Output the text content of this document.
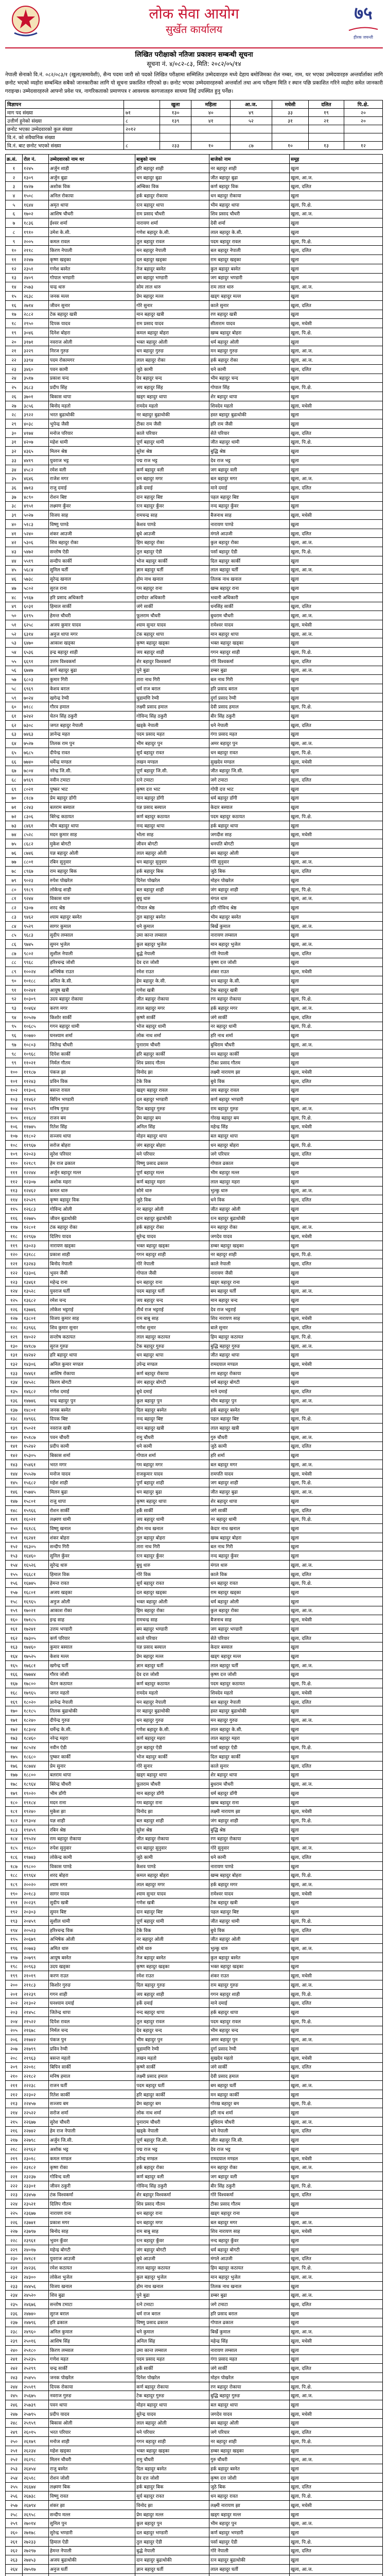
लोक सेवा आयोग
सुर्खेत कार्यालय
७५
हीरक जयन्ती
लिखित परीक्षाको नतिजा प्रकाशन सम्बन्धी सूचना
सूचना नं. ४/०८२-८३, मिति: २०८२/०५/१४
नेपाली सेनाको वि.नं. ०८२/०८३/१ (खुला/समावेशी), सैन्य पदमा जारी सो पदको लिखित परीक्षामा सम्मिलित उम्मेदवारहरु मध्ये देहाय बमोजिमका रोल नम्बर, नाम, थर भएका उम्मेदवारहरु अन्तर्वार्ताका लागि छनोट भएको व्यहोरा सम्बन्धित सबैको जानकारीका लागि यो सूचना प्रकाशित गरिएको छ। छनोट भएका उम्मेदवारहरुको अन्तर्वार्ता तथा अन्य परीक्षण मिति र स्थान पछि प्रकाशित गरिने व्यहोरा समेत जानकारी गराइन्छ। उम्मेदवारहरुले आफ्नो प्रवेश पत्र, नागरिकताको प्रमाणपत्र र आवश्यक कागजातहरु साथमा लिई उपस्थित हुनु पर्नेछ।
विज्ञापन		खुला	महिला	आ.ज.	मधेसी	दलित	पि.क्षे.
माग पद संख्या	७१	१३०	४०	४९	३३	१९	२०
उत्तीर्ण हुनेको संख्या	८	१३९	४१	५२	३१	२१	२०
छनोट भएका उम्मेदवारको कुल संख्या	२०१२						
वि.नं. को संवैधानिक संख्या							
वि.नं. बाट छनोट भएको संख्या	८	२३३	१०	८७	१०	१३	१२
क्र.सं.	रोल नं.	उम्मेदवारको नाम थर	बाबुको नाम	बाजेको नाम	समूह
१	१२४५	अर्जुन शाही	हरि बहादुर शाही	नर बहादुर शाही	खुला
२	१३०९	अर्जुन बुढा	धन बहादुर बुढा	जीत बहादुर बुढा	खुला, आ.ज.
३	१४२७	अशोक विक	अम्बिका विक	कर्ण बहादुर विक	खुला, दलित
४	१५०८	अनिल रोकाया	हर्क बहादुर रोकाया	धन बहादुर रोकाया	खुला
५	१६४४	अमृत थापा	रत्न बहादुर थापा	भीम बहादुर थापा	खुला, पि.क्षे.
६	१७०२	आशिष चौधरी	राम प्रसाद चौधरी	शिव प्रसाद चौधरी	खुला, आ.ज.
७	१८३६	ईश्वर शर्मा	नारायण शर्मा	देवी शर्मा	खुला
८	१९१०	उमेश के.सी.	गणेश बहादुर के.सी.	लाल बहादुर के.सी.	खुला
९	२००५	कमल रावल	तुल बहादुर रावल	पदम बहादुर रावल	खुला, पि.क्षे.
१०	२११८	किरण नेपाली	मन बहादुर नेपाली	बल बहादुर नेपाली	खुला, दलित
११	२२४७	कृष्ण खड्का	दल बहादुर खड्का	राम बहादुर खड्का	खुला
१२	२३५१	गणेश बस्नेत	तेज बहादुर बस्नेत	कुल बहादुर बस्नेत	खुला
१३	२४०९	गोपाल भण्डारी	बम बहादुर भण्डारी	जग बहादुर भण्डारी	खुला
१४	२५७३	चन्द्र थारु	सोम लाल थारु	राम लाल थारु	खुला, आ.ज.
१५	२६३८	जनक मल्ल	प्रेम बहादुर मल्ल	खड्ग बहादुर मल्ल	खुला
१६	२७१४	जीवन सुनार	गोरे सुनार	काले सुनार	खुला, दलित
१७	२८८२	टेक बहादुर खत्री	मान बहादुर खत्री	रण बहादुर खत्री	खुला
१८	२९५०	दिपक यादव	राम प्रसाद यादव	सीताराम यादव	खुला, मधेसी
१९	३०४६	दिनेश बोहरा	कमल बहादुर बोहरा	खम्ब बहादुर बोहरा	खुला, पि.क्षे.
२०	३१७१	नवराज ओली	भक्त बहादुर ओली	धर्म बहादुर ओली	खुला
२१	३२२९	निरज गुरुङ	धन बहादुर गुरुङ	मन बहादुर गुरुङ	खुला, आ.ज.
२२	३३९४	पदम रोकामगर	लाल बहादुर रोका	हर्क बहादुर रोका	खुला, आ.ज.
२३	३४६०	पवन कामी	जुठे कामी	धने कामी	खुला, दलित
२४	३५१७	प्रकाश चन्द	देव बहादुर चन्द	भीम बहादुर चन्द	खुला
२५	३६८३	प्रदीप सिंह	जय बहादुर सिंह	गोपाल सिंह	खुला, पि.क्षे.
२६	३७०१	बिकास थापा	खड्ग बहादुर थापा	शेर बहादुर थापा	खुला
२७	३८५६	बिनोद महतो	रामदेव महतो	शिवदेव महतो	खुला, मधेसी
२८	३९२२	भरत बुढाथोकी	नर बहादुर बुढाथोकी	हस्त बहादुर बुढाथोकी	खुला
२९	४०३८	भुपेन्द्र जैसी	टीका राम जैसी	हरि राम जैसी	खुला
३०	४१७४	मनोज परियार	काले परियार	सेते परियार	खुला, दलित
३१	४२०७	महेश धामी	पूर्ण बहादुर धामी	जीत बहादुर धामी	खुला, पि.क्षे.
३२	४३६५	मिलन श्रेष्ठ	सुरेश श्रेष्ठ	बुद्धि श्रेष्ठ	खुला
३३	४४१९	युवराज भट्ट	पद्म राज भट्ट	देव राज भट्ट	खुला
३४	४५८२	रमेश वली	कर्ण बहादुर वली	जग बहादुर वली	खुला
३५	४६४६	राजेश मगर	धन बहादुर मगर	बल बहादुर मगर	खुला, आ.ज.
३६	४७१३	राजु दमाई	हर्के दमाई	माने दमाई	खुला, दलित
३७	४८९०	रोशन बिष्ट	दान बहादुर बिष्ट	पहल बहादुर बिष्ट	खुला
३८	४९५१	लक्ष्मण कुँवर	रत्न बहादुर कुँवर	नन्द बहादुर कुँवर	खुला
३९	५०२७	विजय साह	रामचन्द्र साह	बैजनाथ साह	खुला, मधेसी
४०	५१८३	विष्णु पाण्डे	केशव पाण्डे	नारायण पाण्डे	खुला
४१	५२४०	शंकर आउजी	बुधे आउजी	मंगले आउजी	खुला, दलित
४२	५३०६	शिव बहादुर रोका	हिम बहादुर रोका	कुल बहादुर रोका	खुला, आ.ज.
४३	५४७२	सन्तोष ऐडी	तुल बहादुर ऐडी	पर्सा बहादुर ऐडी	खुला, पि.क्षे.
४४	५५१९	सन्दीप कार्की	भोज बहादुर कार्की	दिल बहादुर कार्की	खुला
४५	५६८४	सुनिल घर्ती	ज्ञान बहादुर घर्ती	लाल बहादुर घर्ती	खुला, आ.ज.
४६	५७३८	सुरेन्द्र खनाल	होम नाथ खनाल	तिलक नाथ खनाल	खुला
४७	५८०२	सुरज राना	गम बहादुर राना	खम्ब बहादुर राना	खुला
४८	५९६७	हरि प्रसाद अधिकारी	दामोदर अधिकारी	भवानी अधिकारी	खुला
४९	६०३१	हिमाल सार्की	जंगे सार्की	धनसिंह सार्की	खुला, दलित
५०	६१९५	हेमन्त चौधरी	फूलराम चौधरी	बुधराम चौधरी	खुला, आ.ज.
५१	६२५८	अजय कुमार यादव	श्याम सुन्दर यादव	रामेश्वर यादव	खुला, मधेसी
५२	६३१४	अनुज थापा मगर	टंक बहादुर थापा	मान बहादुर थापा	खुला, आ.ज.
५३	६४७०	आकाश खड्का	कृष्ण बहादुर खड्का	भक्त बहादुर खड्का	खुला
५४	६५३६	इन्द्र बहादुर शाही	जय बहादुर शाही	गगन बहादुर शाही	खुला, पि.क्षे.
५५	६६९१	उत्तम विश्वकर्मा	शेर बहादुर विश्वकर्मा	गोरे विश्वकर्मा	खुला, दलित
५६	६७४७	कर्ण बहादुर बुढा	पुने बुढा	डम्बर बुढा	खुला, आ.ज.
५७	६८०३	कुमार गिरी	तारा नाथ गिरी	बल नाथ गिरी	खुला
५८	६९६९	केशव बराल	धर्म राज बराल	हरि प्रसाद बराल	खुला
५९	७०२४	खगेन्द्र रेग्मी	चुडामणि रेग्मी	दुर्गा प्रसाद रेग्मी	खुला
६०	७१८८	गौरव हमाल	लक्ष्मी प्रसाद हमाल	देवी प्रसाद हमाल	खुला, पि.क्षे.
६१	७२४२	चेतन सिंह ठकुरी	गोविन्द सिंह ठकुरी	बीर सिंह ठकुरी	खुला
६२	७३०८	जगत बहादुर नेपाली	खड्के नेपाली	धने नेपाली	खुला, दलित
६३	७४६३	ज्ञानेन्द्र महत	पदम प्रसाद महत	गंगा प्रसाद महत	खुला
६४	७५२७	तिलक राम पुन	भीम बहादुर पुन	अमर बहादुर पुन	खुला, आ.ज.
६५	७६८५	दीपेन्द्र रावत	सुर्य बहादुर रावत	धन बहादुर रावत	खुला, पि.क्षे.
६६	७७४०	धर्मेन्द्र मण्डल	लखन मण्डल	सुखदेव मण्डल	खुला, मधेसी
६७	७८०४	नरेन्द्र जि.सी.	पूर्ण बहादुर जि.सी.	जीत बहादुर जि.सी.	खुला
६८	७९६९	नवीन टमाटा	रत्ने टमाटा	जगे टमाटा	खुला, दलित
६९	८०२१	पुष्कर भाट	कृष्ण दत्त भाट	गोपी दत्त भाट	खुला
७०	८१८७	प्रेम बहादुर डाँगी	मान बहादुर डाँगी	धर्म बहादुर डाँगी	खुला
७१	८२४३	बलराम बस्याल	यज्ञ प्रसाद बस्याल	केदार बस्याल	खुला
७२	८३०६	बिरेन्द्र कठायत	कर्ण बहादुर कठायत	पदम बहादुर कठायत	खुला, पि.क्षे.
७३	८४६१	भीम बहादुर थापा	नन्द बहादुर थापा	हर्क बहादुर थापा	खुला
७४	८५२८	मदन कुमार साह	भोला साह	जगदीश साह	खुला, मधेसी
७५	८६८२	मुकेश बोगटी	जीवन बोगटी	धनपति बोगटी	खुला
७६	८७४६	यज्ञ बहादुर ओली	लाल बहादुर ओली	बम बहादुर ओली	खुला
७७	८८०१	रबिन सुनुवार	धन बहादुर सुनुवार	गोरे सुनुवार	खुला, आ.ज.
७८	८९६७	राम बहादुर बिक	हर्क बहादुर बिक	जुठे बिक	खुला, दलित
७९	९०२३	रुपेश पोखरेल	दिनेश पोखरेल	मोहन पोखरेल	खुला
८०	९१८९	लोकेन्द्र शाही	बल बहादुर शाही	जंग बहादुर शाही	खुला, पि.क्षे.
८१	९२४४	विकास थारु	बुधु थारु	मंगल थारु	खुला, आ.ज.
८२	९३०७	शरद श्रेष्ठ	गोपाल श्रेष्ठ	हरि गोविन्द श्रेष्ठ	खुला
८३	९४६२	श्याम बहादुर बस्नेत	तुल बहादुर बस्नेत	भीम बहादुर बस्नेत	खुला
८४	९५२९	सागर कुमाल	धने कुमाल	बिर्खे कुमाल	खुला, आ.ज.
८५	९६८३	सुदीप लम्साल	उमा कान्त लम्साल	नारायण लम्साल	खुला
८६	९७४५	सुमन भुजेल	कुल बहादुर भुजेल	मान बहादुर भुजेल	खुला, आ.ज.
८७	९८०२	सुशील नेपाली	बुद्धे नेपाली	गोरे नेपाली	खुला, दलित
८८	९९६८	हरिश्चन्द्र जोशी	देव दत्त जोशी	कृष्ण दत्त जोशी	खुला
८९	१००२४	अभिषेक राउत	रमेश राउत	शंकर राउत	खुला, मधेसी
९०	१०१८८	अमित के.सी.	हेम बहादुर के.सी.	धन बहादुर के.सी.	खुला
९१	१०२४१	आयुष खत्री	गणेश खत्री	टेक बहादुर खत्री	खुला
९२	१०३०९	उदय बहादुर रोकाया	जीत बहादुर रोकाया	रण बहादुर रोकाया	खुला, पि.क्षे.
९३	१०४६४	करण मगर	लाल बहादुर मगर	हर्क बहादुर मगर	खुला, आ.ज.
९४	१०५२७	किशोर सार्की	कृष्णे सार्की	जंगे सार्की	खुला, दलित
९५	१०६८५	गगन बहादुर धामी	भोज बहादुर धामी	नर बहादुर धामी	खुला, पि.क्षे.
९६	१०७४०	घनश्याम शर्मा	लोक नाथ शर्मा	हरि नाथ शर्मा	खुला
९७	१०८०३	जितेन्द्र चौधरी	पुनाराम चौधरी	बुधिराम चौधरी	खुला, आ.ज.
९८	१०९६८	दिपेश कार्की	हरि बहादुर कार्की	मन बहादुर कार्की	खुला
९९	११०२१	निर्मल गौतम	शिव प्रसाद गौतम	टीका प्रसाद गौतम	खुला
१००	१११८७	पंकज झा	विनोद झा	लक्ष्मी नारायण झा	खुला, मधेसी
१०१	११२४३	प्रविन विक	टेके विक	बुधे विक	खुला, दलित
१०२	११३०६	बसन्त रावल	खड्ग बहादुर रावल	जय बहादुर रावल	खुला
१०३	११४६२	बिपिन भण्डारी	दल बहादुर भण्डारी	कर्ण बहादुर भण्डारी	खुला
१०४	११५२९	मनिष गुरुङ	दिल बहादुर गुरुङ	राम बहादुर गुरुङ	खुला, आ.ज.
१०५	११६८४	राजन बम	प्रेम बहादुर बम	गोरख बहादुर बम	खुला, पि.क्षे.
१०६	११७४५	रितेश सिंह	अनिल सिंह	महेन्द्र सिंह	खुला, मधेसी
१०७	११८०२	सञ्जय थापा	मोहन बहादुर थापा	बल बहादुर थापा	खुला
१०८	११९६७	सरोज बोहरा	जंग बहादुर बोहरा	धन बहादुर बोहरा	खुला, पि.क्षे.
१०९	१२०२३	सुरेश परियार	मने परियार	जगे परियार	खुला, दलित
११०	१२१८९	हेम राज ढकाल	विष्णु प्रसाद ढकाल	गोपाल ढकाल	खुला
१११	१२२४४	अर्जुन बहादुर मल्ल	पूर्ण बहादुर मल्ल	भीम बहादुर मल्ल	खुला
११२	१२३०७	अशोक महरा	कर्ण बहादुर महरा	लाल बहादुर महरा	खुला
११३	१२४६२	कमल थारु	सोमे थारु	भुल्कु थारु	खुला, आ.ज.
११४	१२५२९	कृष्ण बहादुर विक	जुठे विक	धने विक	खुला, दलित
११५	१२६८३	गोविन्द ओली	नर बहादुर ओली	जीत बहादुर ओली	खुला
११६	१२७४५	जीवन बुढाथोकी	दान बहादुर बुढाथोकी	रत्न बहादुर बुढाथोकी	खुला
११७	१२८०१	टंक बहादुर रोका	हर्क बहादुर रोका	मन बहादुर रोका	खुला, आ.ज.
११८	१२९६७	दिलिप यादव	सुरेन्द्र यादव	जगदेव यादव	खुला, मधेसी
११९	१३०२३	नारायण खड्का	भक्त बहादुर खड्का	डम्बर बहादुर खड्का	खुला
१२०	१३१८८	प्रकाश शाही	गगन बहादुर शाही	नर बहादुर शाही	खुला, पि.क्षे.
१२१	१३२४३	बिनोद नेपाली	गोरे नेपाली	काले नेपाली	खुला, दलित
१२२	१३३०६	भुवन जैसी	गोपाल जैसी	नारायण जैसी	खुला
१२३	१३४६१	महेन्द्र राना	धन बहादुर राना	खड्ग बहादुर राना	खुला
१२४	१३५२८	युवराज घर्ती	पदम बहादुर घर्ती	बम बहादुर घर्ती	खुला, आ.ज.
१२५	१३६८२	रमेश चन्द	जय बहादुर चन्द	मान बहादुर चन्द	खुला
१२६	१३७४६	लोकेश भट्टराई	तीर्थ राज भट्टराई	देव राज भट्टराई	खुला
१२७	१३८०१	विजय कुमार साह	राम बाबु साह	शिव नारायण साह	खुला, मधेसी
१२८	१३९६६	शिव कुमार सुनार	गणेश सुनार	बाले सुनार	खुला, दलित
१२९	१४०२२	सन्तोष कठायत	लाल बहादुर कठायत	हिम बहादुर कठायत	खुला, पि.क्षे.
१३०	१४१८७	सुरज गुरुङ	टेक बहादुर गुरुङ	बुद्धि बहादुर गुरुङ	खुला, आ.ज.
१३१	१४२४२	हरि बहादुर थापा	धन बहादुर थापा	जीत बहादुर थापा	खुला
१३२	१४३०६	अनिल कुमार मण्डल	उपेन्द्र मण्डल	रामदयाल मण्डल	खुला, मधेसी
१३३	१४४६१	आशिष रोकाया	कर्ण बहादुर रोकाया	रण बहादुर रोकाया	खुला
१३४	१४५२८	किरण बोगटी	जंग बहादुर बोगटी	धर्म बहादुर बोगटी	खुला
१३५	१४६८२	गणेश दमाई	बुधे दमाई	माने दमाई	खुला, दलित
१३६	१४७४६	चन्द्र बहादुर पुन	कुल बहादुर पुन	भीम बहादुर पुन	खुला, आ.ज.
१३७	१४८०१	जनक बस्नेत	दिल बहादुर बस्नेत	हर्क बहादुर बस्नेत	खुला
१३८	१४९६६	दिपक बिष्ट	नन्द बहादुर बिष्ट	पहल बहादुर बिष्ट	खुला, पि.क्षे.
१३९	१५०२१	नवराज खत्री	मान बहादुर खत्री	लाल बहादुर खत्री	खुला
१४०	१५१८७	पवन चौधरी	रामु चौधरी	गुरु चौधरी	खुला, आ.ज.
१४१	१५२४२	प्रदीप कामी	धने कामी	जुठे कामी	खुला, दलित
१४२	१५३०५	बिकास शर्मा	गोपाल शर्मा	हरि शर्मा	खुला
१४३	१५४६१	भरत मगर	गम बहादुर मगर	बल बहादुर मगर	खुला, आ.ज.
१४४	१५५२७	मनोज यादव	राजकुमार यादव	रामपति यादव	खुला, मधेसी
१४५	१५६८२	महेश शाही	पुर्ण बहादुर शाही	जग बहादुर शाही	खुला, पि.क्षे.
१४६	१५७४५	मिलन बुढा	धन बहादुर बुढा	जीत बहादुर बुढा	खुला, आ.ज.
१४७	१५८०१	राजु थापा	कृष्ण बहादुर थापा	शेर बहादुर थापा	खुला
१४८	१५९६६	रोशन सार्की	हर्के सार्की	जंगे सार्की	खुला, दलित
१४९	१६०२१	लक्ष्मण धामी	जय बहादुर धामी	नर बहादुर धामी	खुला, पि.क्षे.
१५०	१६१८६	विष्णु खनाल	होम नाथ खनाल	केदार नाथ खनाल	खुला
१५१	१६२४१	शंकर बोहरा	तुल बहादुर बोहरा	खम्ब बहादुर बोहरा	खुला
१५२	१६३०५	सन्दीप गिरी	तारा नाथ गिरी	बल नाथ गिरी	खुला
१५३	१६४६०	सुनिल कुँवर	रत्न बहादुर कुँवर	नन्द बहादुर कुँवर	खुला
१५४	१६५२६	सुरेन्द्र थारु	बुधु थारु	मंगल थारु	खुला, आ.ज.
१५५	१६६८१	हिमाल विक	गोरे विक	काले विक	खुला, दलित
१५६	१६७४५	हेमन्त रावत	सुर्य बहादुर रावत	धन बहादुर रावत	खुला, पि.क्षे.
१५७	१६८०१	अजय खड्का	दल बहादुर खड्का	राम बहादुर खड्का	खुला
१५८	१६९६५	अनुज ओली	भक्त बहादुर ओली	धर्म बहादुर ओली	खुला
१५९	१७०२१	आकाश रोका	हिम बहादुर रोका	कुल बहादुर रोका	खुला, आ.ज.
१६०	१७१८५	इन्द्र साह	रामचन्द्र साह	बैजनाथ साह	खुला, मधेसी
१६१	१७२४१	उत्तम भण्डारी	बम बहादुर भण्डारी	जग बहादुर भण्डारी	खुला
१६२	१७३०५	कर्ण परियार	काले परियार	सेते परियार	खुला, दलित
१६३	१७४६०	कुमार बस्याल	यज्ञ प्रसाद बस्याल	केदार बस्याल	खुला
१६४	१७५२५	केशव मल्ल	प्रेम बहादुर मल्ल	खड्ग बहादुर मल्ल	खुला
१६५	१७६८१	खगेन्द्र घर्ती	ज्ञान बहादुर घर्ती	लाल बहादुर घर्ती	खुला, आ.ज.
१६६	१७७४४	गौरव जोशी	देव दत्त जोशी	कृष्ण दत्त जोशी	खुला
१६७	१७८००	चेतन कठायत	कर्ण बहादुर कठायत	पदम बहादुर कठायत	खुला, पि.क्षे.
१६८	१७९६५	जगत महतो	रामदेव महतो	शिवदेव महतो	खुला, मधेसी
१६९	१८०२०	ज्ञानेन्द्र नेपाली	मन बहादुर नेपाली	बल बहादुर नेपाली	खुला, दलित
१७०	१८१८५	तिलक बुढाथोकी	नर बहादुर बुढाथोकी	हस्त बहादुर बुढाथोकी	खुला
१७१	१८२४०	दीपेन्द्र गुरुङ	धन बहादुर गुरुङ	मन बहादुर गुरुङ	खुला, आ.ज.
१७२	१८३०४	धर्मेन्द्र के.सी.	गणेश बहादुर के.सी.	लाल बहादुर के.सी.	खुला
१७३	१८४६०	नरेन्द्र महरा	कर्ण बहादुर महरा	लाल बहादुर महरा	खुला
१७४	१८५२४	नवीन ऐडी	तुल बहादुर ऐडी	पर्सा बहादुर ऐडी	खुला, पि.क्षे.
१७५	१८६८०	पुष्कर कार्की	भोज बहादुर कार्की	दिल बहादुर कार्की	खुला
१७६	१८७४४	प्रेम सुनार	गोरे सुनार	काले सुनार	खुला, दलित
१७७	१८८००	बलराम थापा	खड्ग बहादुर थापा	शेर बहादुर थापा	खुला
१७८	१८९६४	बिरेन्द्र चौधरी	फूलराम चौधरी	बुधराम चौधरी	खुला, आ.ज.
१७९	१९०२०	भीम डाँगी	मान बहादुर डाँगी	धर्म बहादुर डाँगी	खुला
१८०	१९१८४	मदन राना	गम बहादुर राना	खम्ब बहादुर राना	खुला
१८१	१९२४०	मुकेश झा	विनोद झा	लक्ष्मी नारायण झा	खुला, मधेसी
१८२	१९३०४	यज्ञ शाही	बल बहादुर शाही	जंग बहादुर शाही	खुला, पि.क्षे.
१८३	१९४५९	रबिन श्रेष्ठ	सुरेश श्रेष्ठ	बुद्धि श्रेष्ठ	खुला
१८४	१९५२४	राम बहादुर रोकाया	जीत बहादुर रोकाया	रण बहादुर रोकाया	खुला
१८५	१९६८०	रुपेश सुनुवार	धन बहादुर सुनुवार	गोरे सुनुवार	खुला, आ.ज.
१८६	१९७४३	लोकेन्द्र कामी	जुठे कामी	धने कामी	खुला, दलित
१८७	१९८००	विकास पाण्डे	केशव पाण्डे	नारायण पाण्डे	खुला
१८८	१९९६४	शरद बोहरा	कमल बहादुर बोहरा	खम्ब बहादुर बोहरा	खुला, पि.क्षे.
१८९	२००२०	श्याम मगर	लाल बहादुर मगर	हर्क बहादुर मगर	खुला, आ.ज.
१९०	२०१८३	सागर यादव	श्याम सुन्दर यादव	रामेश्वर यादव	खुला, मधेसी
१९१	२०२३९	सुदीप खत्री	गणेश खत्री	टेक बहादुर खत्री	खुला
१९२	२०३०३	सुमन बिष्ट	दान बहादुर बिष्ट	पहल बहादुर बिष्ट	खुला
१९३	२०४५९	सुशील धामी	पूर्ण बहादुर धामी	जीत बहादुर धामी	खुला, पि.क्षे.
१९४	२०५२३	हरिश्चन्द्र विक	टेके विक	बुधे विक	खुला, दलित
१९५	२०६७९	अभिषेक ओली	नर बहादुर ओली	जीत बहादुर ओली	खुला
१९६	२०७४३	अमित थारु	सोमे थारु	भुल्कु थारु	खुला, आ.ज.
१९७	२०७९९	आयुष बस्नेत	तेज बहादुर बस्नेत	कुल बहादुर बस्नेत	खुला
१९८	२०९६३	उदय खड्का	कृष्ण बहादुर खड्का	भक्त बहादुर खड्का	खुला
१९९	२१०१९	करण राउत	रमेश राउत	शंकर राउत	खुला, मधेसी
२००	२११८३	किशोर गुरुङ	दिल बहादुर गुरुङ	राम बहादुर गुरुङ	खुला, आ.ज.
२०१	२१२३९	गगन शाही	जय बहादुर शाही	गगन बहादुर शाही	खुला, पि.क्षे.
२०२	२१३०२	घनश्याम दमाई	हर्के दमाई	माने दमाई	खुला, दलित
२०३	२१४५८	जितेन्द्र थापा	नन्द बहादुर थापा	हर्क बहादुर थापा	खुला
२०४	२१५२२	दिपेश रावल	तुल बहादुर रावल	पदम बहादुर रावल	खुला, पि.क्षे.
२०५	२१६७८	निर्मल चन्द	देव बहादुर चन्द	भीम बहादुर चन्द	खुला
२०६	२१७४२	पंकज पुन	भीम बहादुर पुन	अमर बहादुर पुन	खुला, आ.ज.
२०७	२१७९९	प्रविन रेग्मी	चुडामणि रेग्मी	दुर्गा प्रसाद रेग्मी	खुला
२०८	२१९६३	बसन्त महतो	लखन महतो	सुखदेव महतो	खुला, मधेसी
२०९	२२०१८	बिपिन सार्की	कृष्णे सार्की	जंगे सार्की	खुला, दलित
२१०	२२१८२	मनिष हमाल	लक्ष्मी प्रसाद हमाल	देवी प्रसाद हमाल	खुला
२११	२२२३८	राजन घर्ती	पदम बहादुर घर्ती	बम बहादुर घर्ती	खुला, आ.ज.
२१२	२२३०२	रितेश कार्की	हरि बहादुर कार्की	मन बहादुर कार्की	खुला
२१३	२२४५७	सञ्जय बम	प्रेम बहादुर बम	गोरख बहादुर बम	खुला, पि.क्षे.
२१४	२२५२२	सरोज शर्मा	लोक नाथ शर्मा	हरि नाथ शर्मा	खुला
२१५	२२६७७	सुरेश चौधरी	पुनाराम चौधरी	बुधिराम चौधरी	खुला, आ.ज.
२१६	२२७४२	हेम राज नेपाली	खड्के नेपाली	धने नेपाली	खुला, दलित
२१७	२२७९८	अर्जुन जि.सी.	पूर्ण बहादुर जि.सी.	जीत बहादुर जि.सी.	खुला
२१८	२२९६२	अशोक भट्ट	पद्म राज भट्ट	देव राज भट्ट	खुला
२१९	२३०१८	कमल मण्डल	उपेन्द्र मण्डल	रामदयाल मण्डल	खुला, मधेसी
२२०	२३१८२	कृष्ण रोका	हर्क बहादुर रोका	मन बहादुर रोका	खुला, आ.ज.
२२१	२३२३७	गोविन्द वली	कर्ण बहादुर वली	जग बहादुर वली	खुला
२२२	२३३०१	जीवन ठकुरी	गोविन्द सिंह ठकुरी	बीर सिंह ठकुरी	खुला, पि.क्षे.
२२३	२३४५७	टंक विश्वकर्मा	शेर बहादुर विश्वकर्मा	गोरे विश्वकर्मा	खुला, दलित
२२४	२३५२१	दिलिप गौतम	शिव प्रसाद गौतम	टीका प्रसाद गौतम	खुला
२२५	२३६७७	नारायण राना	धन बहादुर राना	खड्ग बहादुर राना	खुला
२२६	२३७४१	प्रकाश मगर	धन बहादुर मगर	बल बहादुर मगर	खुला, आ.ज.
२२७	२३७९७	बिनोद साह	राम बाबु साह	शिव नारायण साह	खुला, मधेसी
२२८	२३९६१	भुवन कुँवर	रत्न बहादुर कुँवर	नन्द बहादुर कुँवर	खुला
२२९	२४०१७	महेन्द्र बोगटी	जंग बहादुर बोगटी	धर्म बहादुर बोगटी	खुला
२३०	२४१८१	युवराज आउजी	बुधे आउजी	मंगले आउजी	खुला, दलित
२३१	२४२३६	रमेश कठायत	लाल बहादुर कठायत	हिम बहादुर कठायत	खुला, पि.क्षे.
२३२	२४३००	लोकेश भुजेल	कुल बहादुर भुजेल	मान बहादुर भुजेल	खुला, आ.ज.
२३३	२४४५६	विजय खनाल	होम नाथ खनाल	तिलक नाथ खनाल	खुला
२३४	२४५२०	शिव बुढा	पुने बुढा	डम्बर बुढा	खुला, आ.ज.
२३५	२४६७६	सन्तोष टमाटा	रत्ने टमाटा	जगे टमाटा	खुला, दलित
२३६	२४७४०	सुरज बराल	धर्म राज बराल	हरि प्रसाद बराल	खुला
२३७	२४७९६	हरि ढकाल	विष्णु प्रसाद ढकाल	गोपाल ढकाल	खुला
२३८	२४९६०	अनिल कुमाल	धने कुमाल	बिर्खे कुमाल	खुला, आ.ज.
२३९	२५०१६	आशिष सिंह	अनिल सिंह	महेन्द्र सिंह	खुला, मधेसी
२४०	२५१८०	किरण लम्साल	उमा कान्त लम्साल	नारायण लम्साल	खुला
२४१	२५२३५	गणेश महत	पदम प्रसाद महत	गंगा प्रसाद महत	खुला
२४२	२५२९९	चन्द्र सार्की	हर्के सार्की	जंगे सार्की	खुला, दलित
२४३	२५४५५	जनक पोखरेल	दिनेश पोखरेल	मोहन पोखरेल	खुला
२४४	२५५१९	दिपक रोकाया	कर्ण बहादुर रोकाया	रण बहादुर रोकाया	खुला, पि.क्षे.
२४५	२५६७५	नवराज गुरुङ	टेक बहादुर गुरुङ	बुद्धि बहादुर गुरुङ	खुला, आ.ज.
२४६	२५७३९	पवन थापा	मोहन बहादुर थापा	बल बहादुर थापा	खुला
२४७	२५७९५	प्रदीप यादव	सुरेन्द्र यादव	जगदेव यादव	खुला, मधेसी
२४८	२५९५९	बिकास ओली	लाल बहादुर ओली	बम बहादुर ओली	खुला
२४९	२६०१५	भरत परियार	मने परियार	जगे परियार	खुला, दलित
२५०	२६१७९	मनोज शाही	गगन बहादुर शाही	नर बहादुर शाही	खुला, पि.क्षे.
२५१	२६२३४	महेश खड्का	भक्त बहादुर खड्का	डम्बर बहादुर खड्का	खुला
२५२	२६२९८	मिलन चौधरी	रामु चौधरी	गुरु चौधरी	खुला, आ.ज.
२५३	२६४५४	राजु बस्नेत	दिल बहादुर बस्नेत	हर्क बहादुर बस्नेत	खुला
२५४	२६५१८	रोशन जोशी	देव दत्त जोशी	कृष्ण दत्त जोशी	खुला
२५५	२६६७४	लक्ष्मण बिक	हर्क बहादुर बिक	जुठे बिक	खुला, दलित
२५६	२६७३८	विष्णु रावत	सुर्य बहादुर रावत	धन बहादुर रावत	खुला, पि.क्षे.
२५७	२६७९४	शंकर झा	विनोद झा	लक्ष्मी नारायण झा	खुला, मधेसी
२५८	२६९५८	सन्दीप मल्ल	प्रेम बहादुर मल्ल	खड्ग बहादुर मल्ल	खुला
२५९	२७०१४	सुनिल पुन	कुल बहादुर पुन	भीम बहादुर पुन	खुला, आ.ज.
२६०	२७१७८	सुरेन्द्र भण्डारी	दल बहादुर भण्डारी	कर्ण बहादुर भण्डारी	खुला
२६१	२७२३३	हिमाल ऐडी	तुल बहादुर ऐडी	पर्सा बहादुर ऐडी	खुला, पि.क्षे.
२६२	२७२९७	हेमन्त नेपाली	बुद्धे नेपाली	गोरे नेपाली	खुला, दलित
२६३	२७४५३	अजय बुढाथोकी	दान बहादुर बुढाथोकी	रत्न बहादुर बुढाथोकी	खुला
२६४	२७५१७	अनुज घर्ती	ज्ञान बहादुर घर्ती	लाल बहादुर घर्ती	खुला, आ.ज.
